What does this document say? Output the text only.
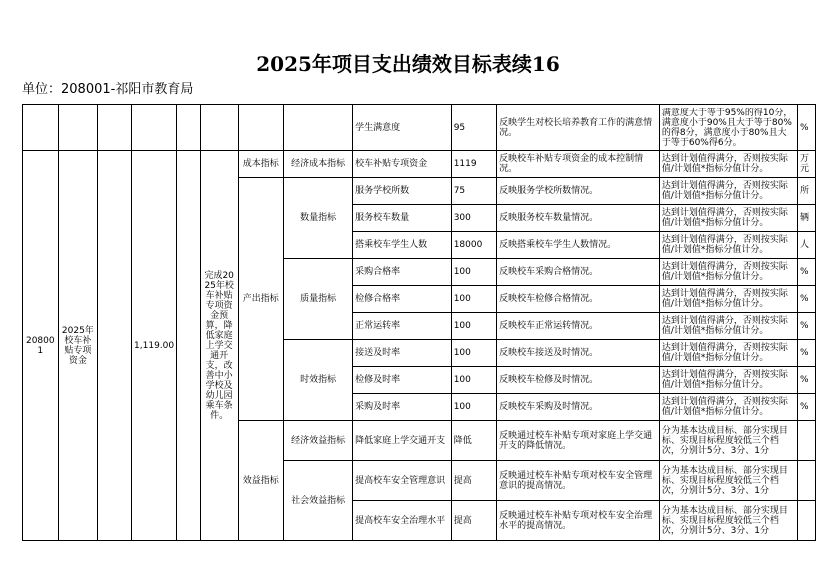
2025年项目支出绩效目标表续16
单位：208001-祁阳市教育局
								学生满意度	95	反映学生对校长培养教育工作的满意情况。	满意度大于等于95%的得10分，满意度小于90%且大于等于80%的得8分，满意度小于80%且大于等于60%得6分。	%
208001	2025年校车补贴专项资金		1,119.00		完成2025年校车补贴专项资金预算，降低家庭上学交通开支，改善中小学校及幼儿园乘车条件。	成本指标	经济成本指标	校车补贴专项资金	1119	反映校车补贴专项资金的成本控制情况。	达到计划值得满分，否则按实际值/计划值*指标分值计分。	万元
						产出指标	数量指标	服务学校所数	75	反映服务学校所数情况。	达到计划值得满分，否则按实际值/计划值*指标分值计分。	所
								服务校车数量	300	反映服务校车数量情况。	达到计划值得满分，否则按实际值/计划值*指标分值计分。	辆
								搭乘校车学生人数	18000	反映搭乘校车学生人数情况。	达到计划值得满分，否则按实际值/计划值*指标分值计分。	人
							质量指标	采购合格率	100	反映校车采购合格情况。	达到计划值得满分，否则按实际值/计划值*指标分值计分。	%
								检修合格率	100	反映校车检修合格情况。	达到计划值得满分，否则按实际值/计划值*指标分值计分。	%
								正常运转率	100	反映校车正常运转情况。	达到计划值得满分，否则按实际值/计划值*指标分值计分。	%
							时效指标	接送及时率	100	反映校车接送及时情况。	达到计划值得满分，否则按实际值/计划值*指标分值计分。	%
								检修及时率	100	反映校车检修及时情况。	达到计划值得满分，否则按实际值/计划值*指标分值计分。	%
								采购及时率	100	反映校车采购及时情况。	达到计划值得满分，否则按实际值/计划值*指标分值计分。	%
						效益指标	经济效益指标	降低家庭上学交通开支	降低	反映通过校车补贴专项对家庭上学交通开支的降低情况。	分为基本达成目标、部分实现目标、实现目标程度较低三个档次，分别计5分、3分、1分	
							社会效益指标	提高校车安全管理意识	提高	反映通过校车补贴专项对校车安全管理意识的提高情况。	分为基本达成目标、部分实现目标、实现目标程度较低三个档次，分别计5分、3分、1分	
								提高校车安全治理水平	提高	反映通过校车补贴专项对校车安全治理水平的提高情况。	分为基本达成目标、部分实现目标、实现目标程度较低三个档次，分别计5分、3分、1分	
